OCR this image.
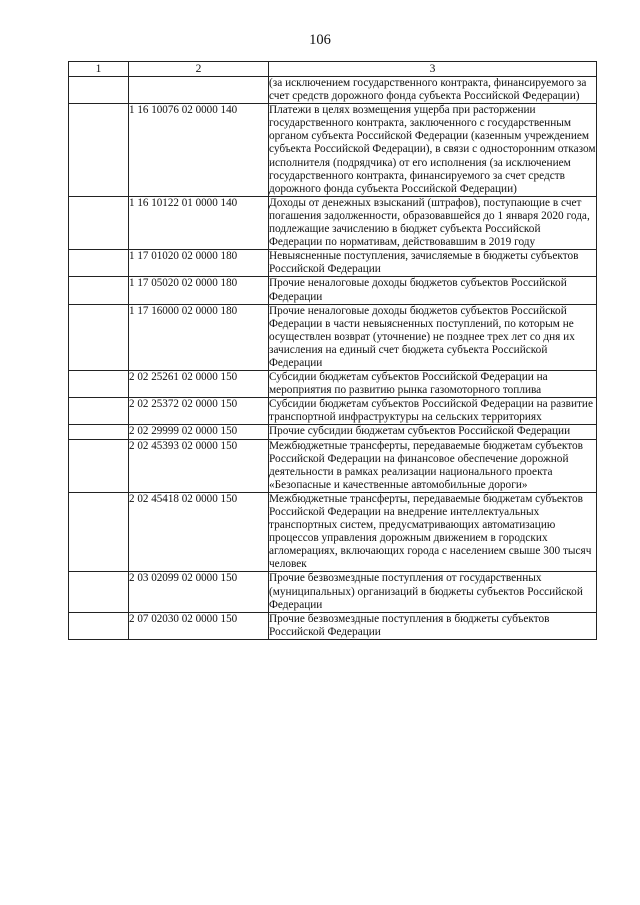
106
1	2	3
		(за исключением государственного контракта, финансируемого за счет средств дорожного фонда субъекта Российской Федерации)
	1 16 10076 02 0000 140	Платежи в целях возмещения ущерба при расторжении государственного контракта, заключенного с государственным органом субъекта Российской Федерации (казенным учреждением субъекта Российской Федерации), в связи с односторонним отказом исполнителя (подрядчика) от его исполнения (за исключением государственного контракта, финансируемого за счет средств дорожного фонда субъекта Российской Федерации)
	1 16 10122 01 0000 140	Доходы от денежных взысканий (штрафов), поступающие в счет погашения задолженности, образовавшейся до 1 января 2020 года, подлежащие зачислению в бюджет субъекта Российской Федерации по нормативам, действовавшим в 2019 году
	1 17 01020 02 0000 180	Невыясненные поступления, зачисляемые в бюджеты субъектов Российской Федерации
	1 17 05020 02 0000 180	Прочие неналоговые доходы бюджетов субъектов Российской Федерации
	1 17 16000 02 0000 180	Прочие неналоговые доходы бюджетов субъектов Российской Федерации в части невыясненных поступлений, по которым не осуществлен возврат (уточнение) не позднее трех лет со дня их зачисления на единый счет бюджета субъекта Российской Федерации
	2 02 25261 02 0000 150	Субсидии бюджетам субъектов Российской Федерации на мероприятия по развитию рынка газомоторного топлива
	2 02 25372 02 0000 150	Субсидии бюджетам субъектов Российской Федерации на развитие транспортной инфраструктуры на сельских территориях
	2 02 29999 02 0000 150	Прочие субсидии бюджетам субъектов Российской Федерации
	2 02 45393 02 0000 150	Межбюджетные трансферты, передаваемые бюджетам субъектов Российской Федерации на финансовое обеспечение дорожной деятельности в рамках реализации национального проекта «Безопасные и качественные автомобильные дороги»
	2 02 45418 02 0000 150	Межбюджетные трансферты, передаваемые бюджетам субъектов Российской Федерации на внедрение интеллектуальных транспортных систем, предусматривающих автоматизацию процессов управления дорожным движением в городских агломерациях, включающих города с населением свыше 300 тысяч человек
	2 03 02099 02 0000 150	Прочие безвозмездные поступления от государственных (муниципальных) организаций в бюджеты субъектов Российской Федерации
	2 07 02030 02 0000 150	Прочие безвозмездные поступления в бюджеты субъектов Российской Федерации
